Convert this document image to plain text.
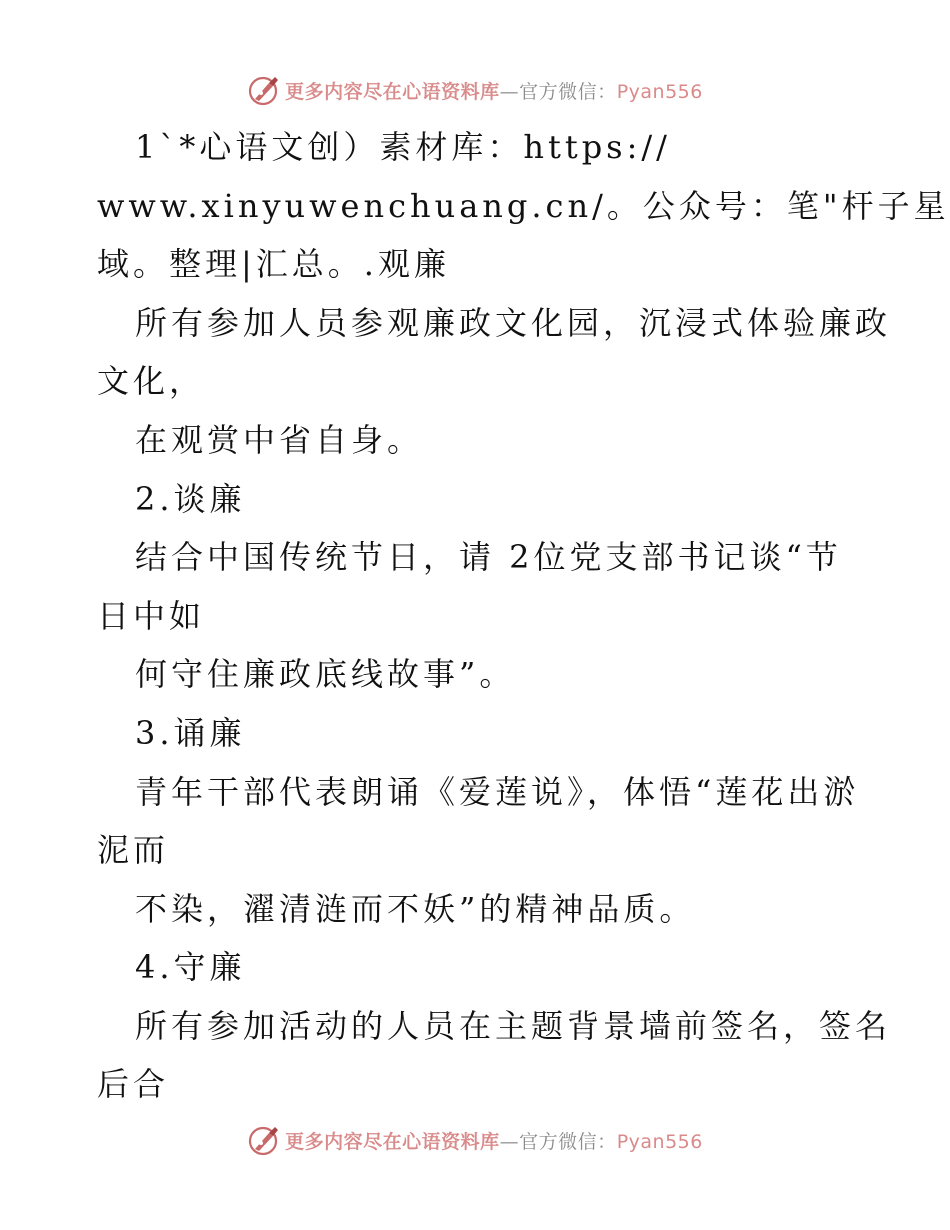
更多内容尽在心语资料库—官方微信：Pyan556
1`*心语文创）素材库：https://
www.xinyuwenchuang.cn/。公众号：笔"杆子星
域。整理|汇总。.观廉
所有参加人员参观廉政文化园，沉浸式体验廉政
文化，
在观赏中省自身。
2.谈廉
结合中国传统节日，请 2位党支部书记谈“节
日中如
何守住廉政底线故事”。
3.诵廉
青年干部代表朗诵《爱莲说》，体悟“莲花出淤
泥而
不染，濯清涟而不妖”的精神品质。
4.守廉
所有参加活动的人员在主题背景墙前签名，签名
后合
更多内容尽在心语资料库—官方微信：Pyan556
